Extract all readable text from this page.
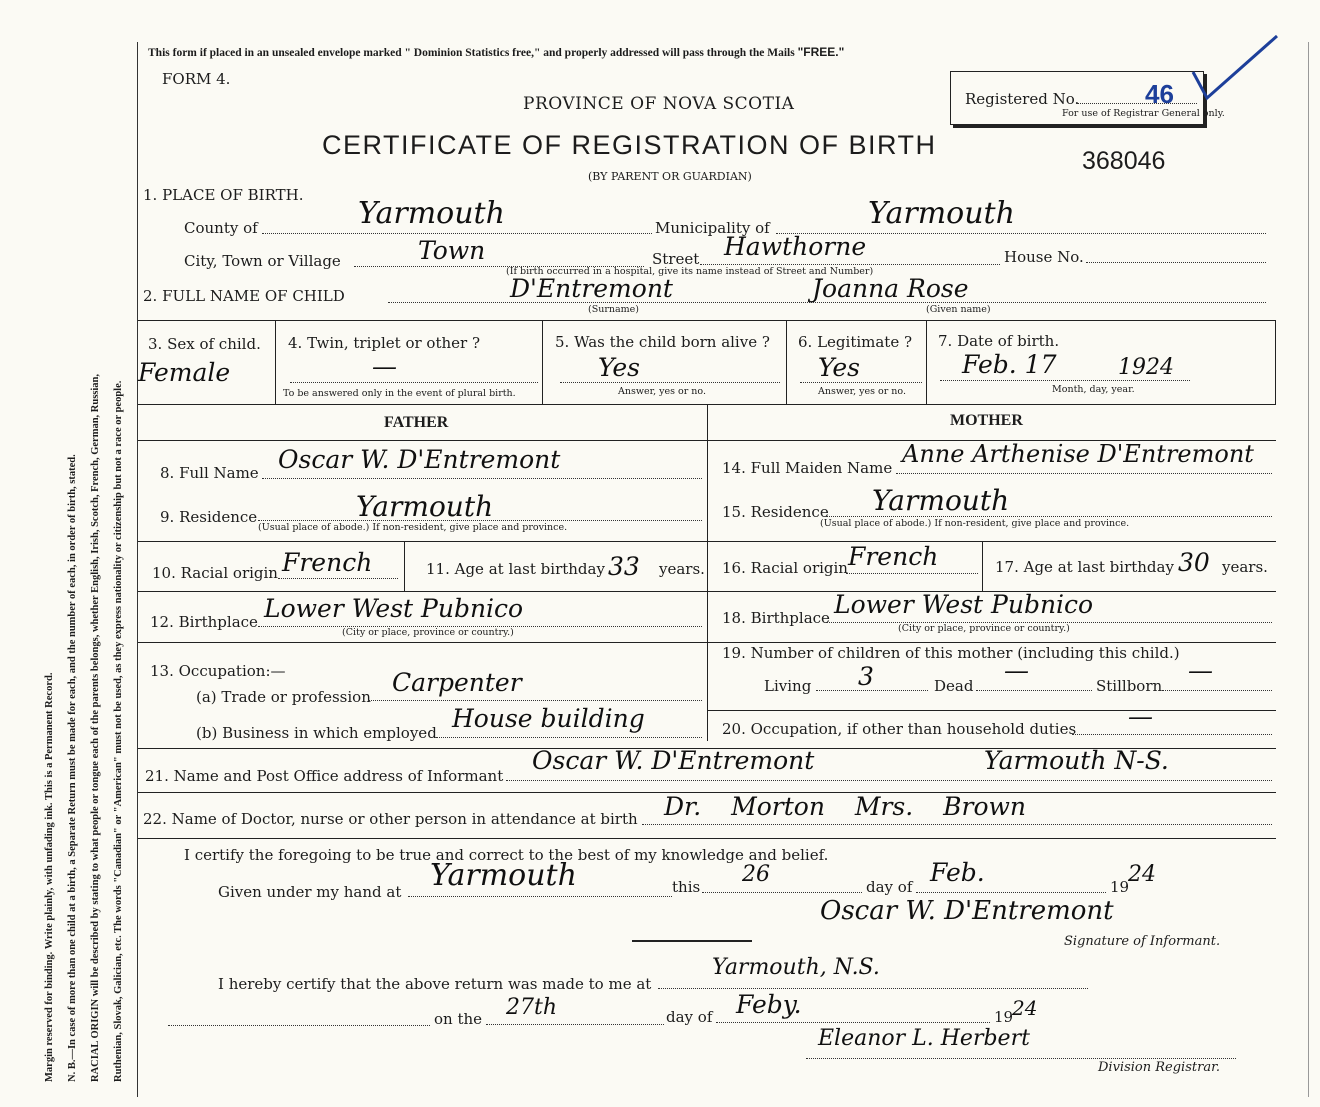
Margin reserved for binding. Write plainly, with unfading ink. This is a Permanent Record. N. B.—In case of more than one child at a birth, a Separate Return must be made for each, and the number of each, in order of birth, stated. RACIAL ORIGIN will be described by stating to what people or tongue each of the parents belongs, whether English, Irish, Scotch, French, German, Russian, Ruthenian, Slovak, Galician, etc. The words "Canadian" or "American" must not be used, as they express nationality or citizenship but not a race or people.
This form if placed in an unsealed envelope marked " Dominion Statistics free," and properly addressed will pass through the Mails "FREE."
FORM 4.
PROVINCE OF NOVA SCOTIA
CERTIFICATE OF REGISTRATION OF BIRTH
(BY PARENT OR GUARDIAN)
368046
Registered No.	46
For use of Registrar General only.
1. PLACE OF BIRTH.
County of	Yarmouth	Municipality of	Yarmouth
City, Town or Village	Town	Street Hawthorne	House No.
(If birth occurred in a hospital, give its name instead of Street and Number)
2. FULL NAME OF CHILD	D'Entremont	Joanna Rose
(Surname)	(Given name)
3. Sex of child.
Female
4. Twin, triplet or other ?
—
To be answered only in the event of plural birth.
5. Was the child born alive ?
Yes
Answer, yes or no.
6. Legitimate ?
Yes
Answer, yes or no.
7. Date of birth.
Feb. 17	1924
Month, day, year.
FATHER	MOTHER
8. Full Name Oscar W. D'Entremont
9. Residence	Yarmouth
(Usual place of abode.) If non-resident, give place and province.
10. Racial origin French	11. Age at last birthday 33 years.
12. Birthplace Lower West Pubnico
(City or place, province or country.)
13. Occupation:—
(a) Trade or profession Carpenter
(b) Business in which employed House building
14. Full Maiden Name Anne Arthenise D'Entremont
15. Residence Yarmouth
(Usual place of abode.) If non-resident, give place and province.
16. Racial origin French	17. Age at last birthday 30 years.
18. Birthplace Lower West Pubnico
(City or place, province or country.)
19. Number of children of this mother (including this child.)
Living 3	Dead
—
Stillborn
—
20. Occupation, if other than household duties —
21. Name and Post Office address of Informant
Oscar W. D'Entremont	Yarmouth N-S.
22. Name of Doctor, nurse or other person in attendance at birth Dr. Morton Mrs. Brown
I certify the foregoing to be true and correct to the best of my knowledge and belief.
Given under my hand at Yarmouth	this 26	day of Feb.	19
24
Oscar W. D'Entremont
Signature of Informant.
I hereby certify that the above return was made to me at
Yarmouth, N.S.
on the 27th	day of Feby.	19
24
Eleanor L. Herbert
Division Registrar.
